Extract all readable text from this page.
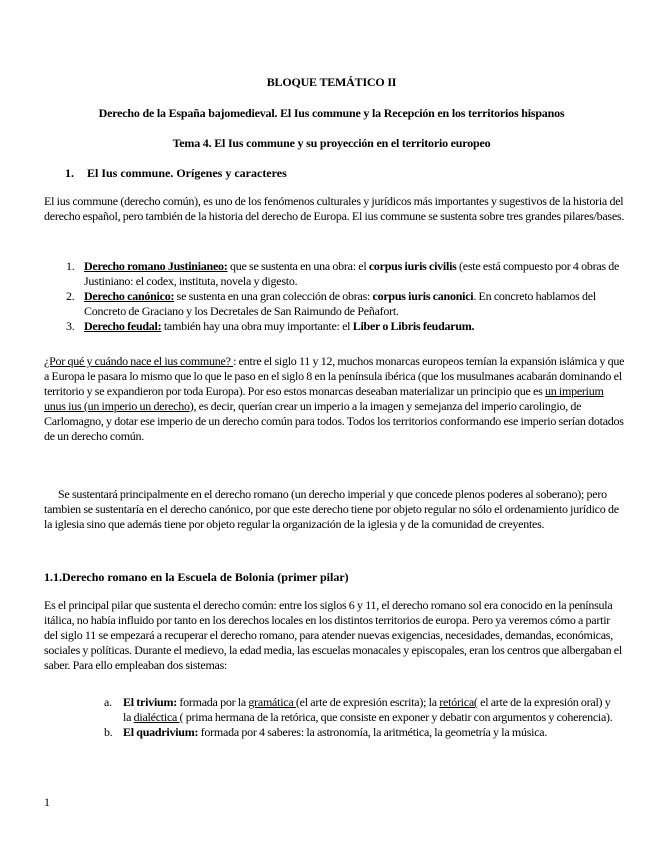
BLOQUE TEMÁTICO II
Derecho de la España bajomedieval. El Ius commune y la Recepción en los territorios hispanos
Tema 4. El Ius commune y su proyección en el territorio europeo
1. El Ius commune. Orígenes y caracteres
El ius commune (derecho común), es uno de los fenómenos culturales y jurídicos más importantes y sugestivos de la historia del derecho español, pero también de la historia del derecho de Europa. El ius commune se sustenta sobre tres grandes pilares/bases.
1. Derecho romano Justinianeo: que se sustenta en una obra: el corpus iuris civilis (este está compuesto por 4 obras de Justiniano: el codex, instituta, novela y digesto.
2. Derecho canónico: se sustenta en una gran colección de obras: corpus iuris canonici. En concreto hablamos del Concreto de Graciano y los Decretales de San Raimundo de Peñafort.
3. Derecho feudal: también hay una obra muy importante: el Liber o Libris feudarum.
¿Por qué y cuándo nace el ius commune? : entre el siglo 11 y 12, muchos monarcas europeos temían la expansión islámica y que a Europa le pasara lo mismo que lo que le paso en el siglo 8 en la península ibérica (que los musulmanes acabarán dominando el territorio y se expandieron por toda Europa). Por eso estos monarcas deseaban materializar un principio que es un imperium unus ius (un imperio un derecho), es decir, querían crear un imperio a la imagen y semejanza del imperio carolingio, de Carlomagno, y dotar ese imperio de un derecho común para todos. Todos los territorios conformando ese imperio serían dotados de un derecho común.
Se sustentará principalmente en el derecho romano (un derecho imperial y que concede plenos poderes al soberano); pero tambien se sustentaría en el derecho canónico, por que este derecho tiene por objeto regular no sólo el ordenamiento jurídico de la iglesia sino que además tiene por objeto regular la organización de la iglesia y de la comunidad de creyentes.
1.1.Derecho romano en la Escuela de Bolonia (primer pilar)
Es el principal pilar que sustenta el derecho común: entre los siglos 6 y 11, el derecho romano sol era conocido en la península itálica, no había influido por tanto en los derechos locales en los distintos territorios de europa. Pero ya veremos cómo a partir del siglo 11 se empezará a recuperar el derecho romano, para atender nuevas exigencias, necesidades, demandas, económicas, sociales y políticas. Durante el medievo, la edad media, las escuelas monacales y episcopales, eran los centros que albergaban el saber. Para ello empleaban dos sistemas:
a. El trivium: formada por la gramática (el arte de expresión escrita); la retórica( el arte de la expresión oral) y la dialéctica ( prima hermana de la retórica, que consiste en exponer y debatir con argumentos y coherencia).
b. El quadrivium: formada por 4 saberes: la astronomía, la aritmética, la geometría y la música.
1
